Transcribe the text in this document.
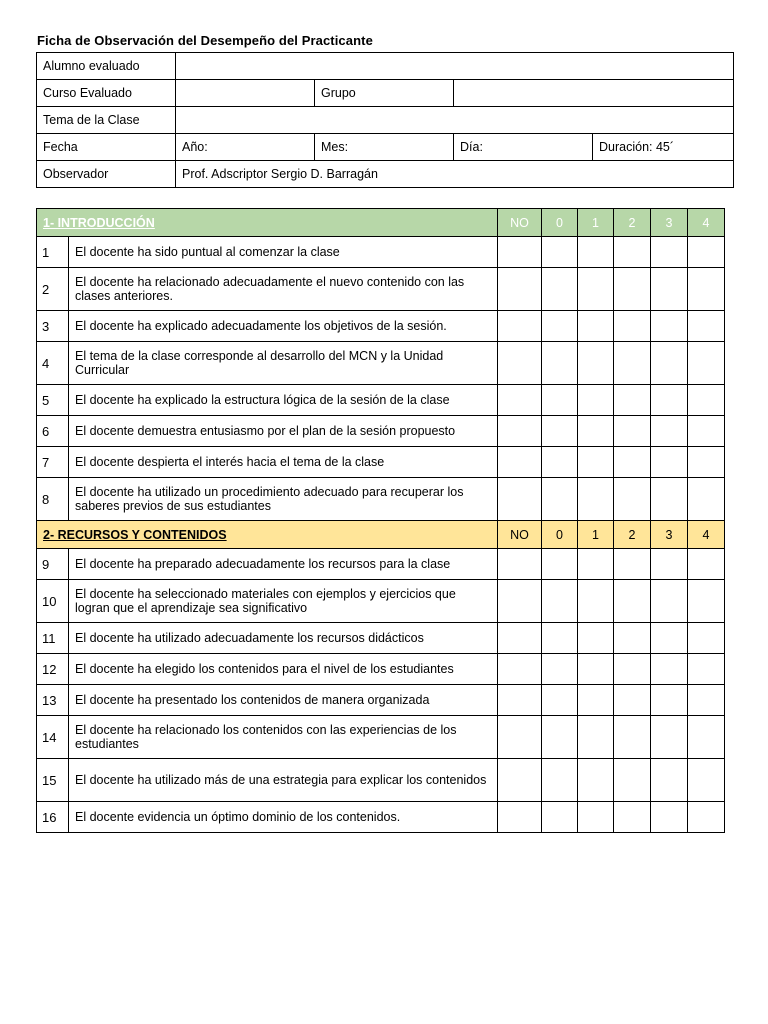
Ficha de Observación del Desempeño del Practicante
Alumno evaluado				
Curso Evaluado		Grupo		
Tema de la Clase				
Fecha	Año:	Mes:	Día:	Duración: 45´
Observador	Prof. Adscriptor Sergio D. Barragán			
1- INTRODUCCIÓN		NO	0	1	2	3	4
1	El docente ha sido puntual al comenzar la clase						
2	El docente ha relacionado adecuadamente el nuevo contenido con las clases anteriores.						
3	El docente ha explicado adecuadamente los objetivos de la sesión.						
4	El tema de la clase corresponde al desarrollo del MCN y la Unidad Curricular						
5	El docente ha explicado la estructura lógica de la sesión de la clase						
6	El docente demuestra entusiasmo por el plan de la sesión propuesto						
7	El docente despierta el interés hacia el tema de la clase						
8	El docente ha utilizado un procedimiento adecuado para recuperar los saberes previos de sus estudiantes						
2- RECURSOS Y CONTENIDOS		NO	0	1	2	3	4
9	El docente ha preparado adecuadamente los recursos para la clase						
10	El docente ha seleccionado materiales con ejemplos y ejercicios que logran que el aprendizaje sea significativo						
11	El docente ha utilizado adecuadamente los recursos didácticos						
12	El docente ha elegido los contenidos para el nivel de los estudiantes						
13	El docente ha presentado los contenidos de manera organizada						
14	El docente ha relacionado los contenidos con las experiencias de los estudiantes						
15	El docente ha utilizado más de una estrategia para explicar los contenidos						
16	El docente evidencia un óptimo dominio de los contenidos.						
